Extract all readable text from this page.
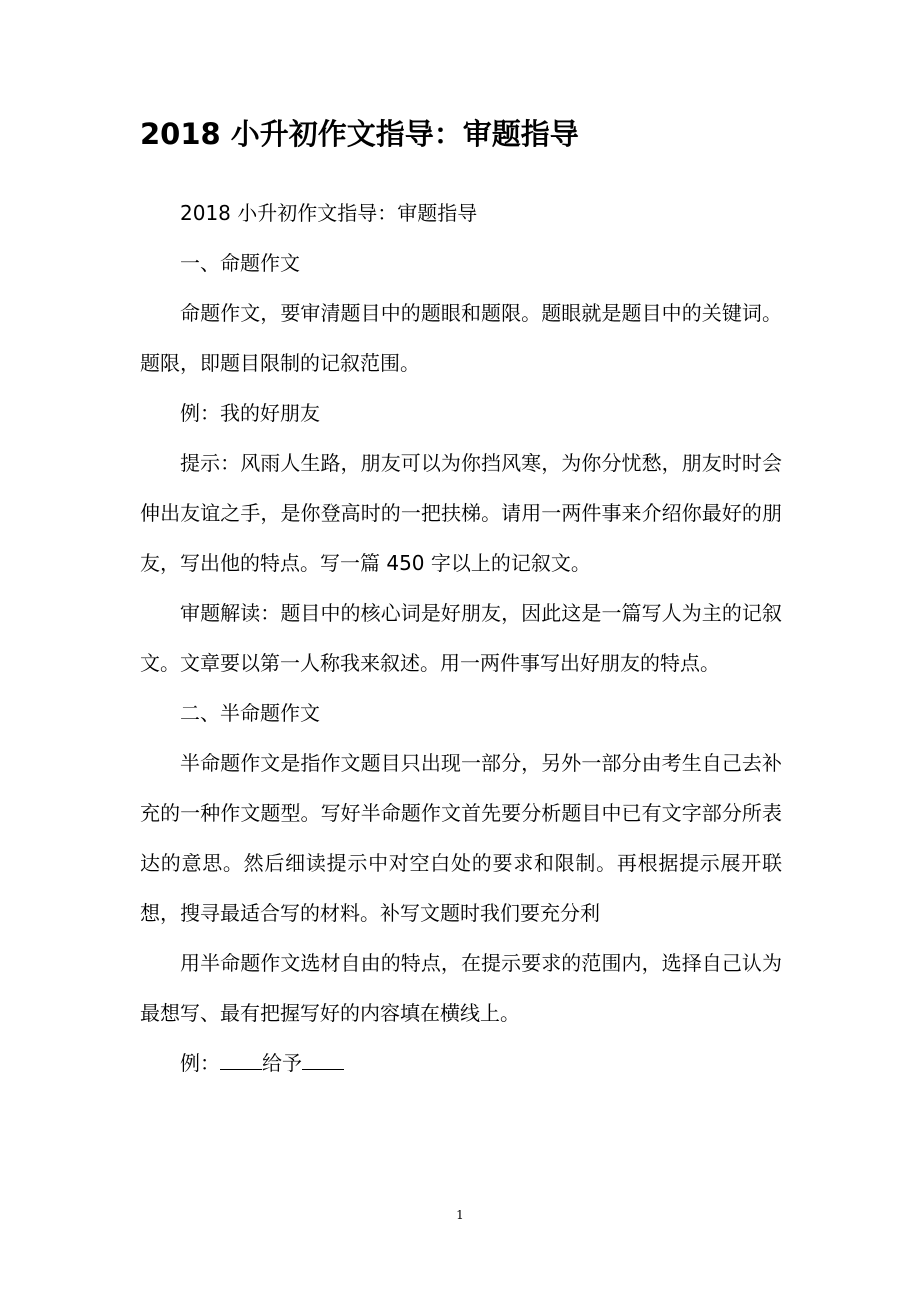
2018 小升初作文指导：审题指导

2018 小升初作文指导：审题指导

一、命题作文

命题作文，要审清题目中的题眼和题限。题眼就是题目中的关键词。题限，即题目限制的记叙范围。

例：我的好朋友

提示：风雨人生路，朋友可以为你挡风寒，为你分忧愁，朋友时时会伸出友谊之手，是你登高时的一把扶梯。请用一两件事来介绍你最好的朋友，写出他的特点。写一篇 450 字以上的记叙文。

审题解读：题目中的核心词是好朋友，因此这是一篇写人为主的记叙文。文章要以第一人称我来叙述。用一两件事写出好朋友的特点。

二、半命题作文

半命题作文是指作文题目只出现一部分，另外一部分由考生自己去补充的一种作文题型。写好半命题作文首先要分析题目中已有文字部分所表达的意思。然后细读提示中对空白处的要求和限制。再根据提示展开联想，搜寻最适合写的材料。补写文题时我们要充分利

用半命题作文选材自由的特点，在提示要求的范围内，选择自己认为最想写、最有把握写好的内容填在横线上。

例： 给予

1
